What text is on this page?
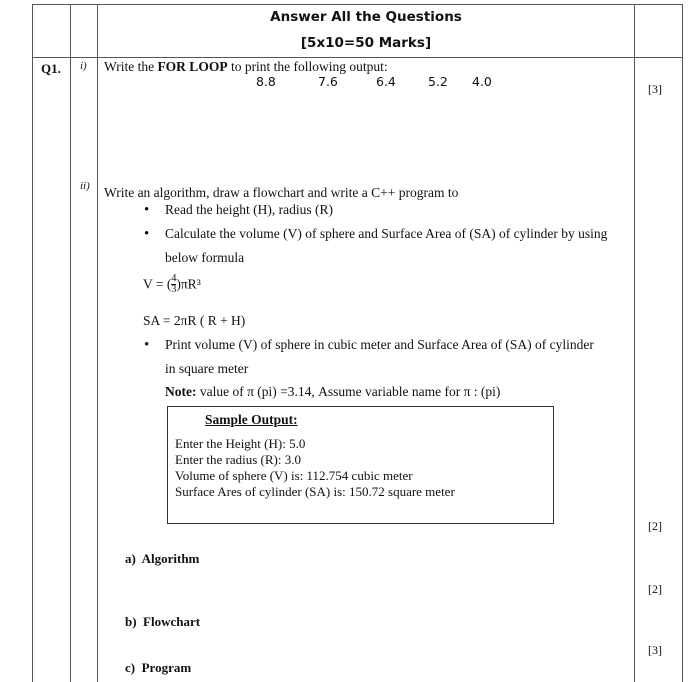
Answer All the Questions
[5x10=50 Marks]
Q1. i) Write the FOR LOOP to print the following output:
8.8	7.6	6.4	5.2 4.0	[3]
ii) Write an algorithm, draw a flowchart and write a C++ program to
• Read the height (H), radius (R)
• Calculate the volume (V) of sphere and Surface Area of (SA) of cylinder by using
below formula
V = ( $\frac{4}{3} )\pi R^3$
SA = 2πR ( R + H)
• Print volume (V) of sphere in cubic meter and Surface Area of (SA) of cylinder
in square meter
Note: value of π (pi) =3.14, Assume variable name for π : (pi)
Sample Output:
Enter the Height (H): 5.0
Enter the radius (R): 3.0
Volume of sphere (V) is: 112.754 cubic meter
Surface Ares of cylinder (SA) is: 150.72 square meter
[2]
a)  Algorithm
[2]
b)  Flowchart
[3]
c)  Program
